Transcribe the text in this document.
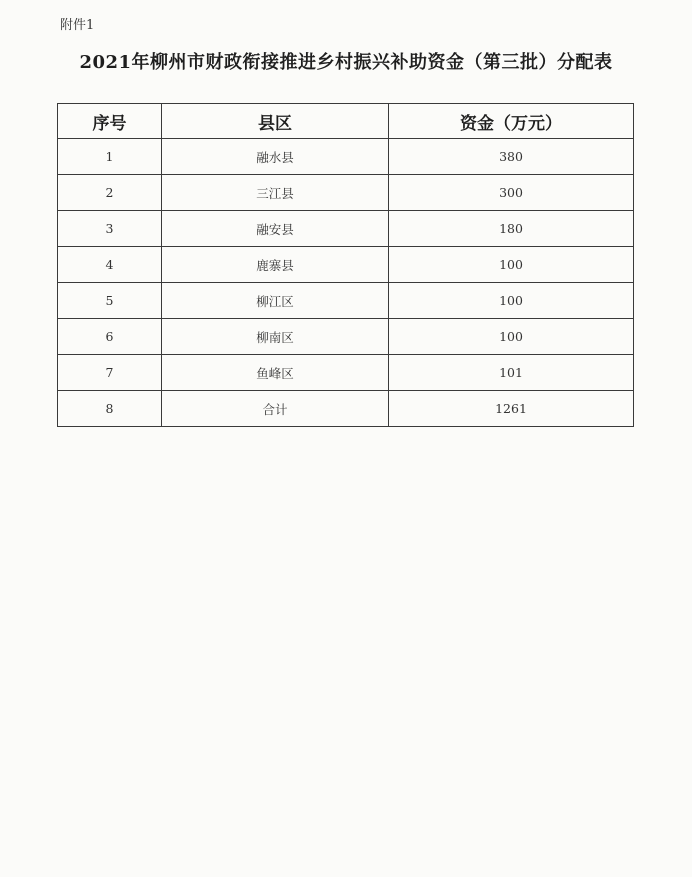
附件1
2021年柳州市财政衔接推进乡村振兴补助资金（第三批）分配表
序号	县区	资金（万元）
1	融水县	380
2	三江县	300
3	融安县	180
4	鹿寨县	100
5	柳江区	100
6	柳南区	100
7	鱼峰区	101
8	合计	1261
